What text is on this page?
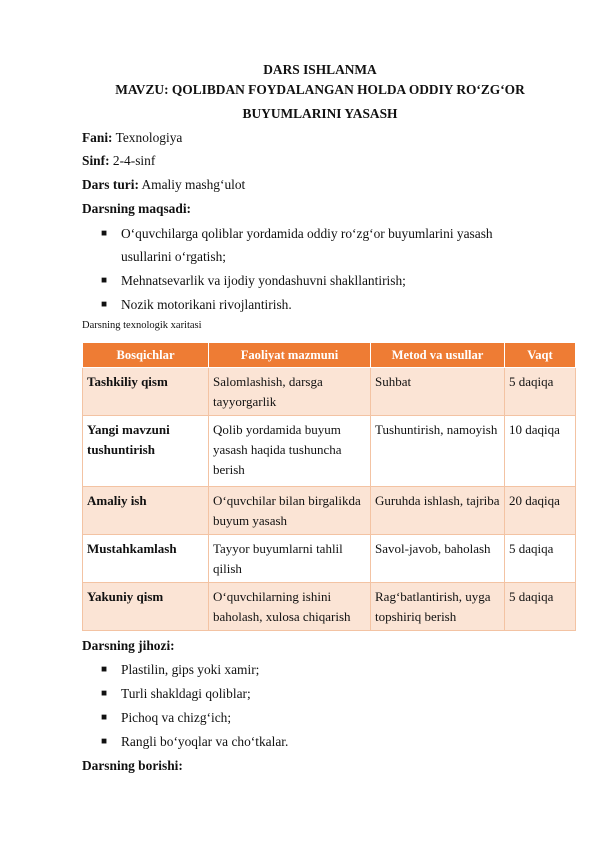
DARS ISHLANMA
MAVZU: QOLIBDAN FOYDALANGAN HOLDA ODDIY RO‘ZG‘OR
BUYUMLARINI YASASH
Fani: Texnologiya
Sinf: 2-4-sinf
Dars turi: Amaliy mashg‘ulot
Darsning maqsadi:
■ O‘quvchilarga qoliblar yordamida oddiy ro‘zg‘or buyumlarini yasash
usullarini o‘rgatish;
■ Mehnatsevarlik va ijodiy yondashuvni shakllantirish;
■ Nozik motorikani rivojlantirish.
Darsning texnologik xaritasi
Bosqichlar	Faoliyat mazmuni	Metod va usullar	Vaqt
Tashkiliy qism	Salomlashish, darsga tayyorgarlik	Suhbat	5 daqiqa
Yangi mavzuni tushuntirish	Qolib yordamida buyum yasash haqida tushuncha berish	Tushuntirish, namoyish	10 daqiqa
Amaliy ish	O‘quvchilar bilan birgalikda buyum yasash	Guruhda ishlash, tajriba	20 daqiqa
Mustahkamlash	Tayyor buyumlarni tahlil qilish	Savol-javob, baholash	5 daqiqa
Yakuniy qism	O‘quvchilarning ishini baholash, xulosa chiqarish	Rag‘batlantirish, uyga topshiriq berish	5 daqiqa
Darsning jihozi:
■ Plastilin, gips yoki xamir;
■ Turli shakldagi qoliblar;
■ Pichoq va chizg‘ich;
■ Rangli bo‘yoqlar va cho‘tkalar.
Darsning borishi:
